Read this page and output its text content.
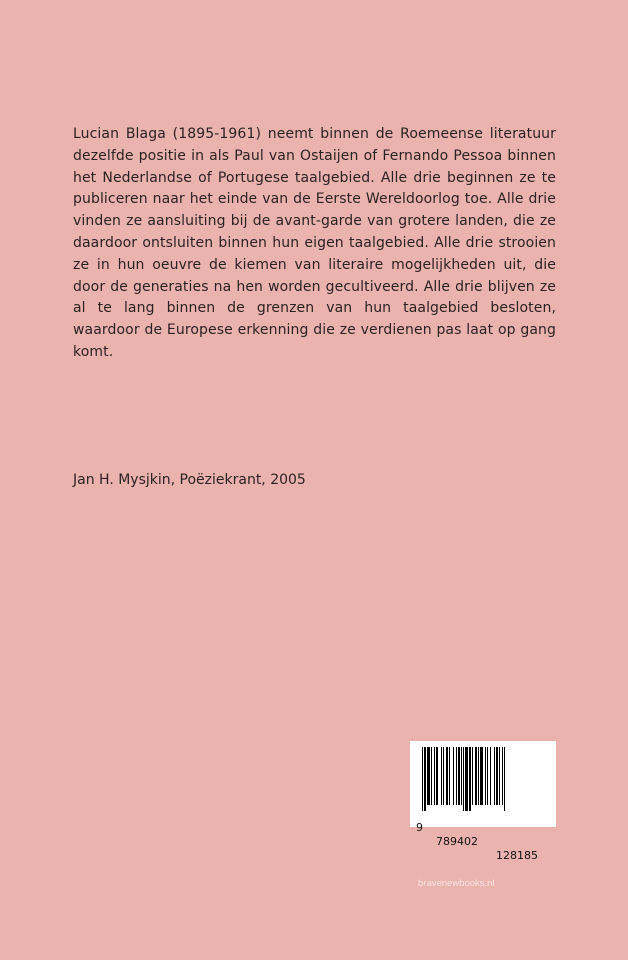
Lucian Blaga (1895-1961) neemt binnen de Roemeense literatuur dezelfde positie in als Paul van Ostaijen of Fernando Pessoa binnen het Nederlandse of Portugese taalgebied. Alle drie beginnen ze te publiceren naar het einde van de Eerste Wereldoorlog toe. Alle drie vinden ze aansluiting bij de avant-garde van grotere landen, die ze daardoor ontsluiten binnen hun eigen taalgebied. Alle drie strooien ze in hun oeuvre de kiemen van literaire mogelijkheden uit, die door de generaties na hen worden gecultiveerd. Alle drie blijven ze al te lang binnen de grenzen van hun taalgebied besloten, waardoor de Europese erkenning die ze verdienen pas laat op gang komt.

Jan H. Mysjkin, Poëziekrant, 2005

9

789402

128185

bravenewbooks.nl
